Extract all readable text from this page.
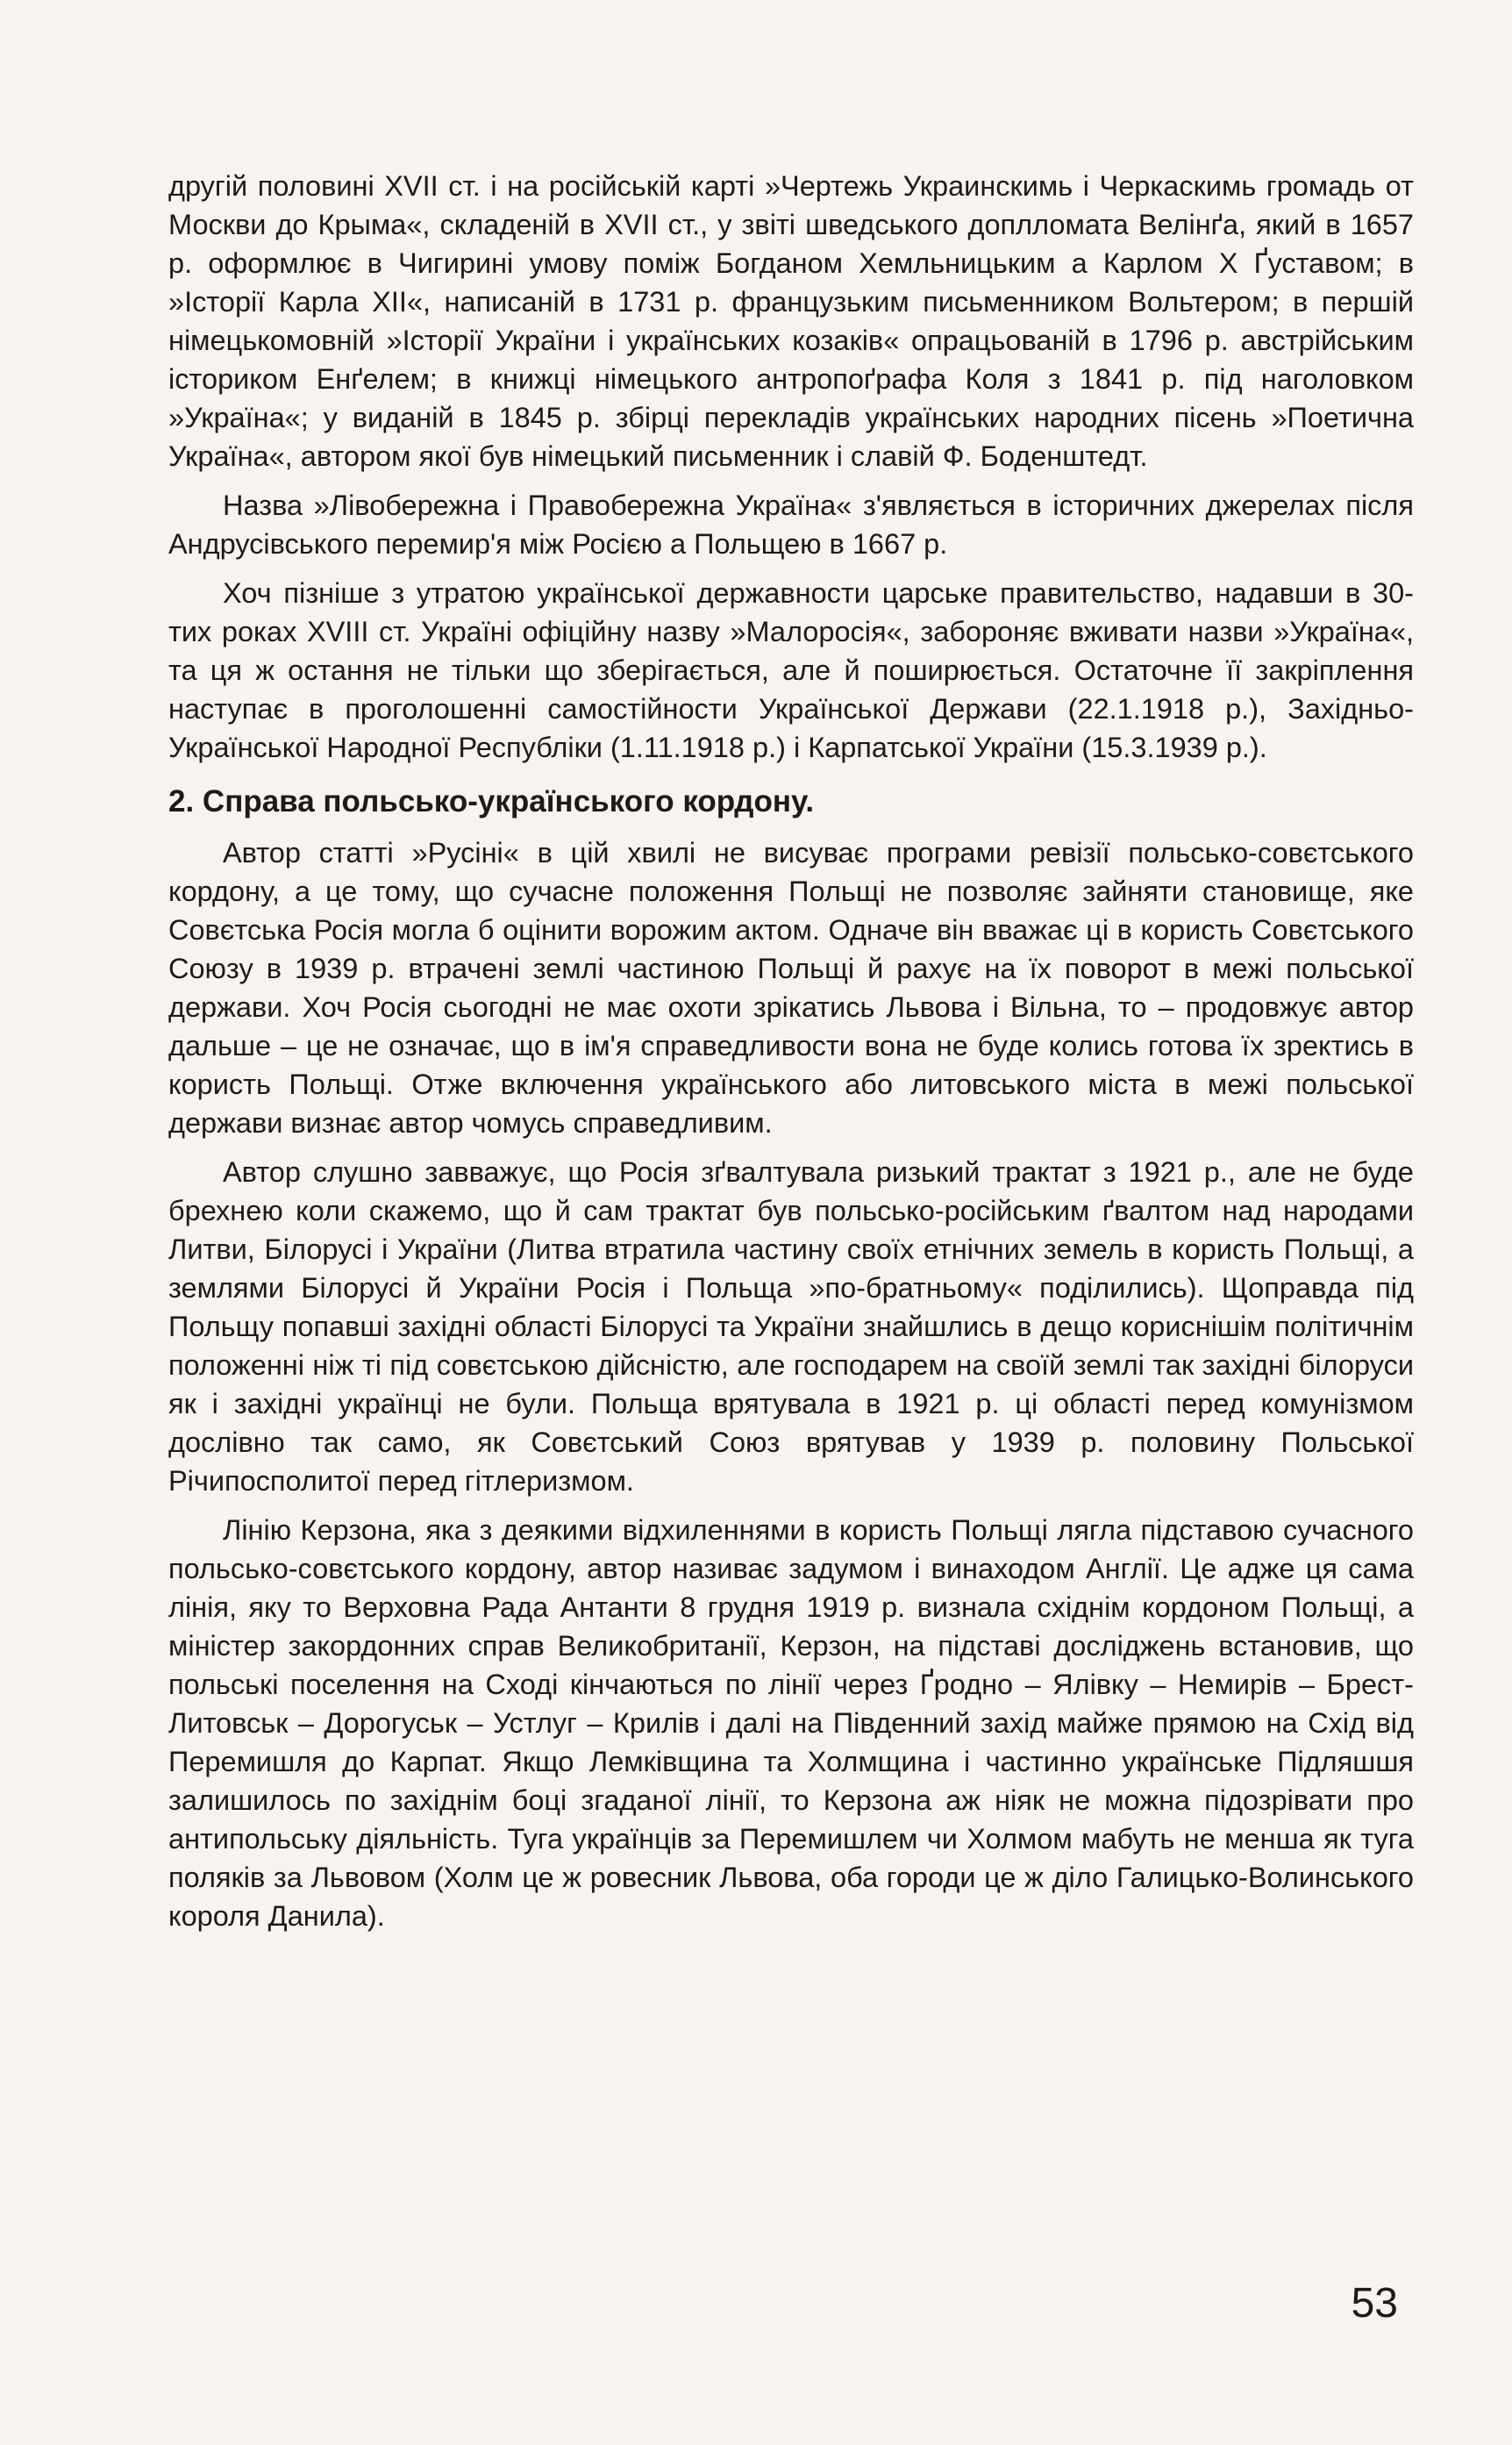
другій половині XVII ст. і на російській карті »Чертежь Украинскимь і Черкаскимь громадь от Москви до Крыма«, складеній в XVII ст., у звіті шведського доплломата Велінґа, який в 1657 р. оформлює в Чигирині умову поміж Богданом Хемльницьким а Карлом Х Ґуставом; в »Історії Карла XII«, написаній в 1731 р. французьким письменником Вольтером; в першій німецькомовній »Історії України і українських козаків« опрацьованій в 1796 р. австрійським істориком Енґелем; в книжці німецького антропоґрафа Коля з 1841 р. під наголовком »Україна«; у виданій в 1845 р. збірці перекладів українських народних пісень »Поетична Україна«, автором якої був німецький письменник і славій Ф. Боденштедт.

Назва »Лівобережна і Правобережна Україна« з'являється в історичних джерелах після Андрусівського перемир'я між Росією а Польщею в 1667 р.

Хоч пізніше з утратою української державности царське правительство, надавши в 30-тих роках XVIII ст. Україні офіційну назву »Малоросія«, забороняє вживати назви »Україна«, та ця ж остання не тільки що зберігається, але й поширюється. Остаточне її закріплення наступає в проголошенні самостійности Української Держави (22.1.1918 р.), Західньо-Української Народної Республіки (1.11.1918 р.) і Карпатської України (15.3.1939 р.).

2. Справа польсько-українського кордону.

Автор статті »Русіні« в цій хвилі не висуває програми ревізії польсько-совєтського кордону, а це тому, що сучасне положення Польщі не позволяє зайняти становище, яке Совєтська Росія могла б оцінити ворожим актом. Одначе він вважає ці в користь Совєтського Союзу в 1939 р. втрачені землі частиною Польщі й рахує на їх поворот в межі польської держави. Хоч Росія сьогодні не має охоти зрікатись Львова і Вільна, то – продовжує автор дальше – це не означає, що в ім'я справедливости вона не буде колись готова їх зректись в користь Польщі. Отже включення українського або литовського міста в межі польської держави визнає автор чомусь справедливим.

Автор слушно завважує, що Росія зґвалтувала ризький трактат з 1921 р., але не буде брехнею коли скажемо, що й сам трактат був польсько-російським ґвалтом над народами Литви, Білорусі і України (Литва втратила частину своїх етнічних земель в користь Польщі, а землями Білорусі й України Росія і Польща »по-братньому« поділились). Щоправда під Польщу попавші західні області Білорусі та України знайшлись в дещо кориснішім політичнім положенні ніж ті під совєтською дійсністю, але господарем на своїй землі так західні білоруси як і західні українці не були. Польща врятувала в 1921 р. ці області перед комунізмом дослівно так само, як Совєтський Союз врятував у 1939 р. половину Польської Річипосполитої перед гітлеризмом.

Лінію Керзона, яка з деякими відхиленнями в користь Польщі лягла підставою сучасного польсько-совєтського кордону, автор називає задумом і винаходом Англії. Це адже ця сама лінія, яку то Верховна Рада Антанти 8 грудня 1919 р. визнала східнім кордоном Польщі, а міністер закордонних справ Великобританії, Керзон, на підставі досліджень встановив, що польські поселення на Сході кінчаються по лінії через Ґродно – Ялівку – Немирів – Брест-Литовськ – Дорогуськ – Устлуг – Крилів і далі на Південний захід майже прямою на Схід від Перемишля до Карпат. Якщо Лемківщина та Холмщина і частинно українське Підляшшя залишилось по західнім боці згаданої лінії, то Керзона аж ніяк не можна підозрівати про антипольську діяльність. Туга українців за Перемишлем чи Холмом мабуть не менша як туга поляків за Львовом (Холм це ж ровесник Львова, оба городи це ж діло Галицько-Волинського короля Данила).

53
